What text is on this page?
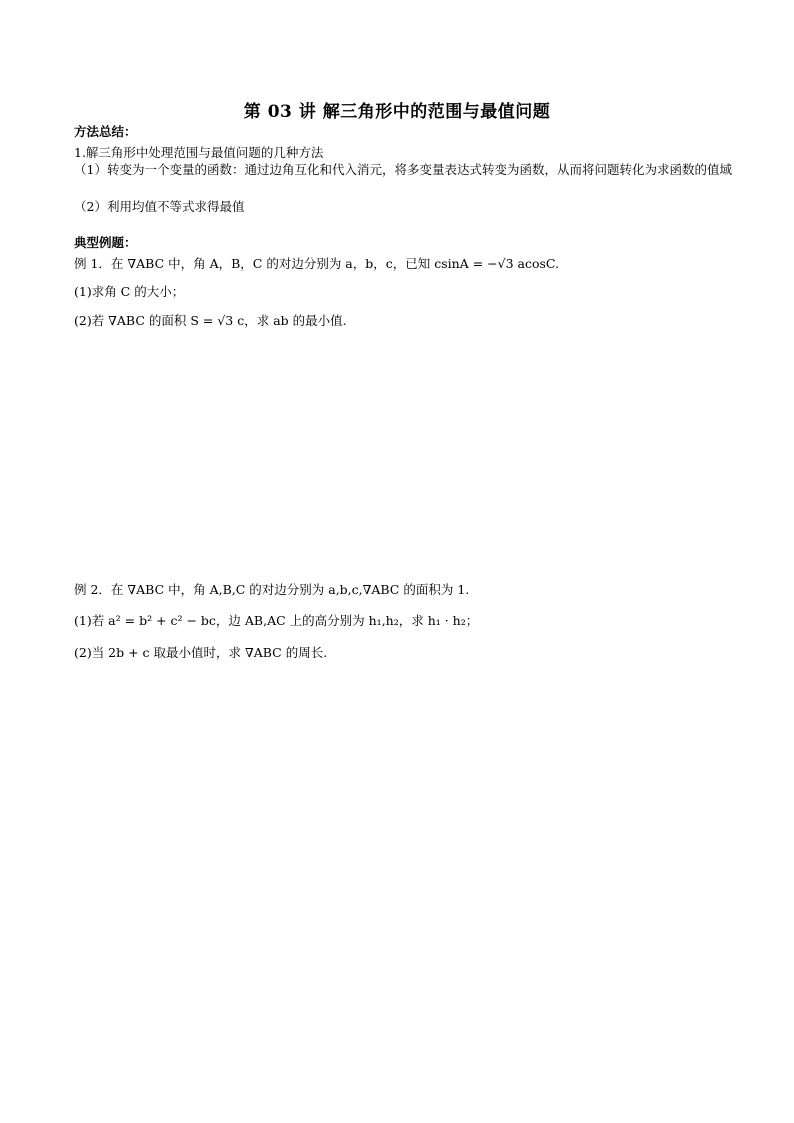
第 03 讲 解三角形中的范围与最值问题
方法总结：
1.解三角形中处理范围与最值问题的几种方法
（1）转变为一个变量的函数：通过边角互化和代入消元，将多变量表达式转变为函数，从而将问题转化为求函数的值域
（2）利用均值不等式求得最值
典型例题：
例 1．在 ∇ABC 中，角 A，B，C 的对边分别为 a，b，c，已知 csinA = −√3 acosC.
(1)求角 C 的大小；
(2)若 ∇ABC 的面积 S = √3 c，求 ab 的最小值.
例 2．在 ∇ABC 中，角 A,B,C 的对边分别为 a,b,c,∇ABC 的面积为 1.
(1)若 a² = b² + c² − bc，边 AB,AC 上的高分别为 h₁,h₂，求 h₁ · h₂；
(2)当 2b + c 取最小值时，求 ∇ABC 的周长.
